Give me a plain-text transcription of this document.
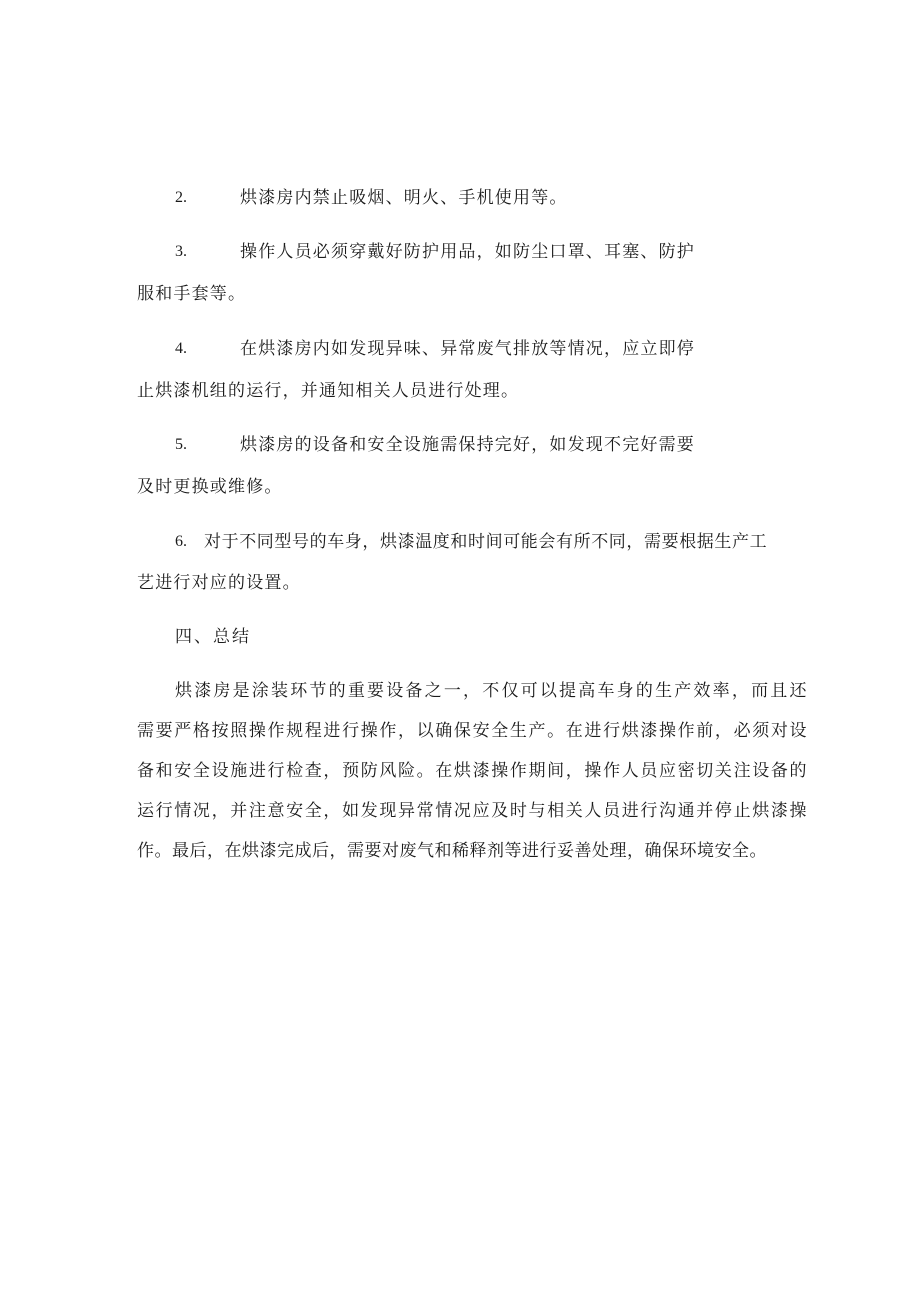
2.	烘漆房内禁止吸烟、明火、手机使用等。
3.	操作人员必须穿戴好防护用品，如防尘口罩、耳塞、防护
服和手套等。
4.	在烘漆房内如发现异味、异常废气排放等情况，应立即停
止烘漆机组的运行，并通知相关人员进行处理。
5.	烘漆房的设备和安全设施需保持完好，如发现不完好需要
及时更换或维修。
6. 对于不同型号的车身，烘漆温度和时间可能会有所不同，需要根据生产工
艺进行对应的设置。
四、总结
烘漆房是涂装环节的重要设备之一，不仅可以提高车身的生产效率，而且还
需要严格按照操作规程进行操作，以确保安全生产。在进行烘漆操作前，必须对设
备和安全设施进行检查，预防风险。在烘漆操作期间，操作人员应密切关注设备的
运行情况，并注意安全，如发现异常情况应及时与相关人员进行沟通并停止烘漆操
作。最后，在烘漆完成后，需要对废气和稀释剂等进行妥善处理，确保环境安全。
